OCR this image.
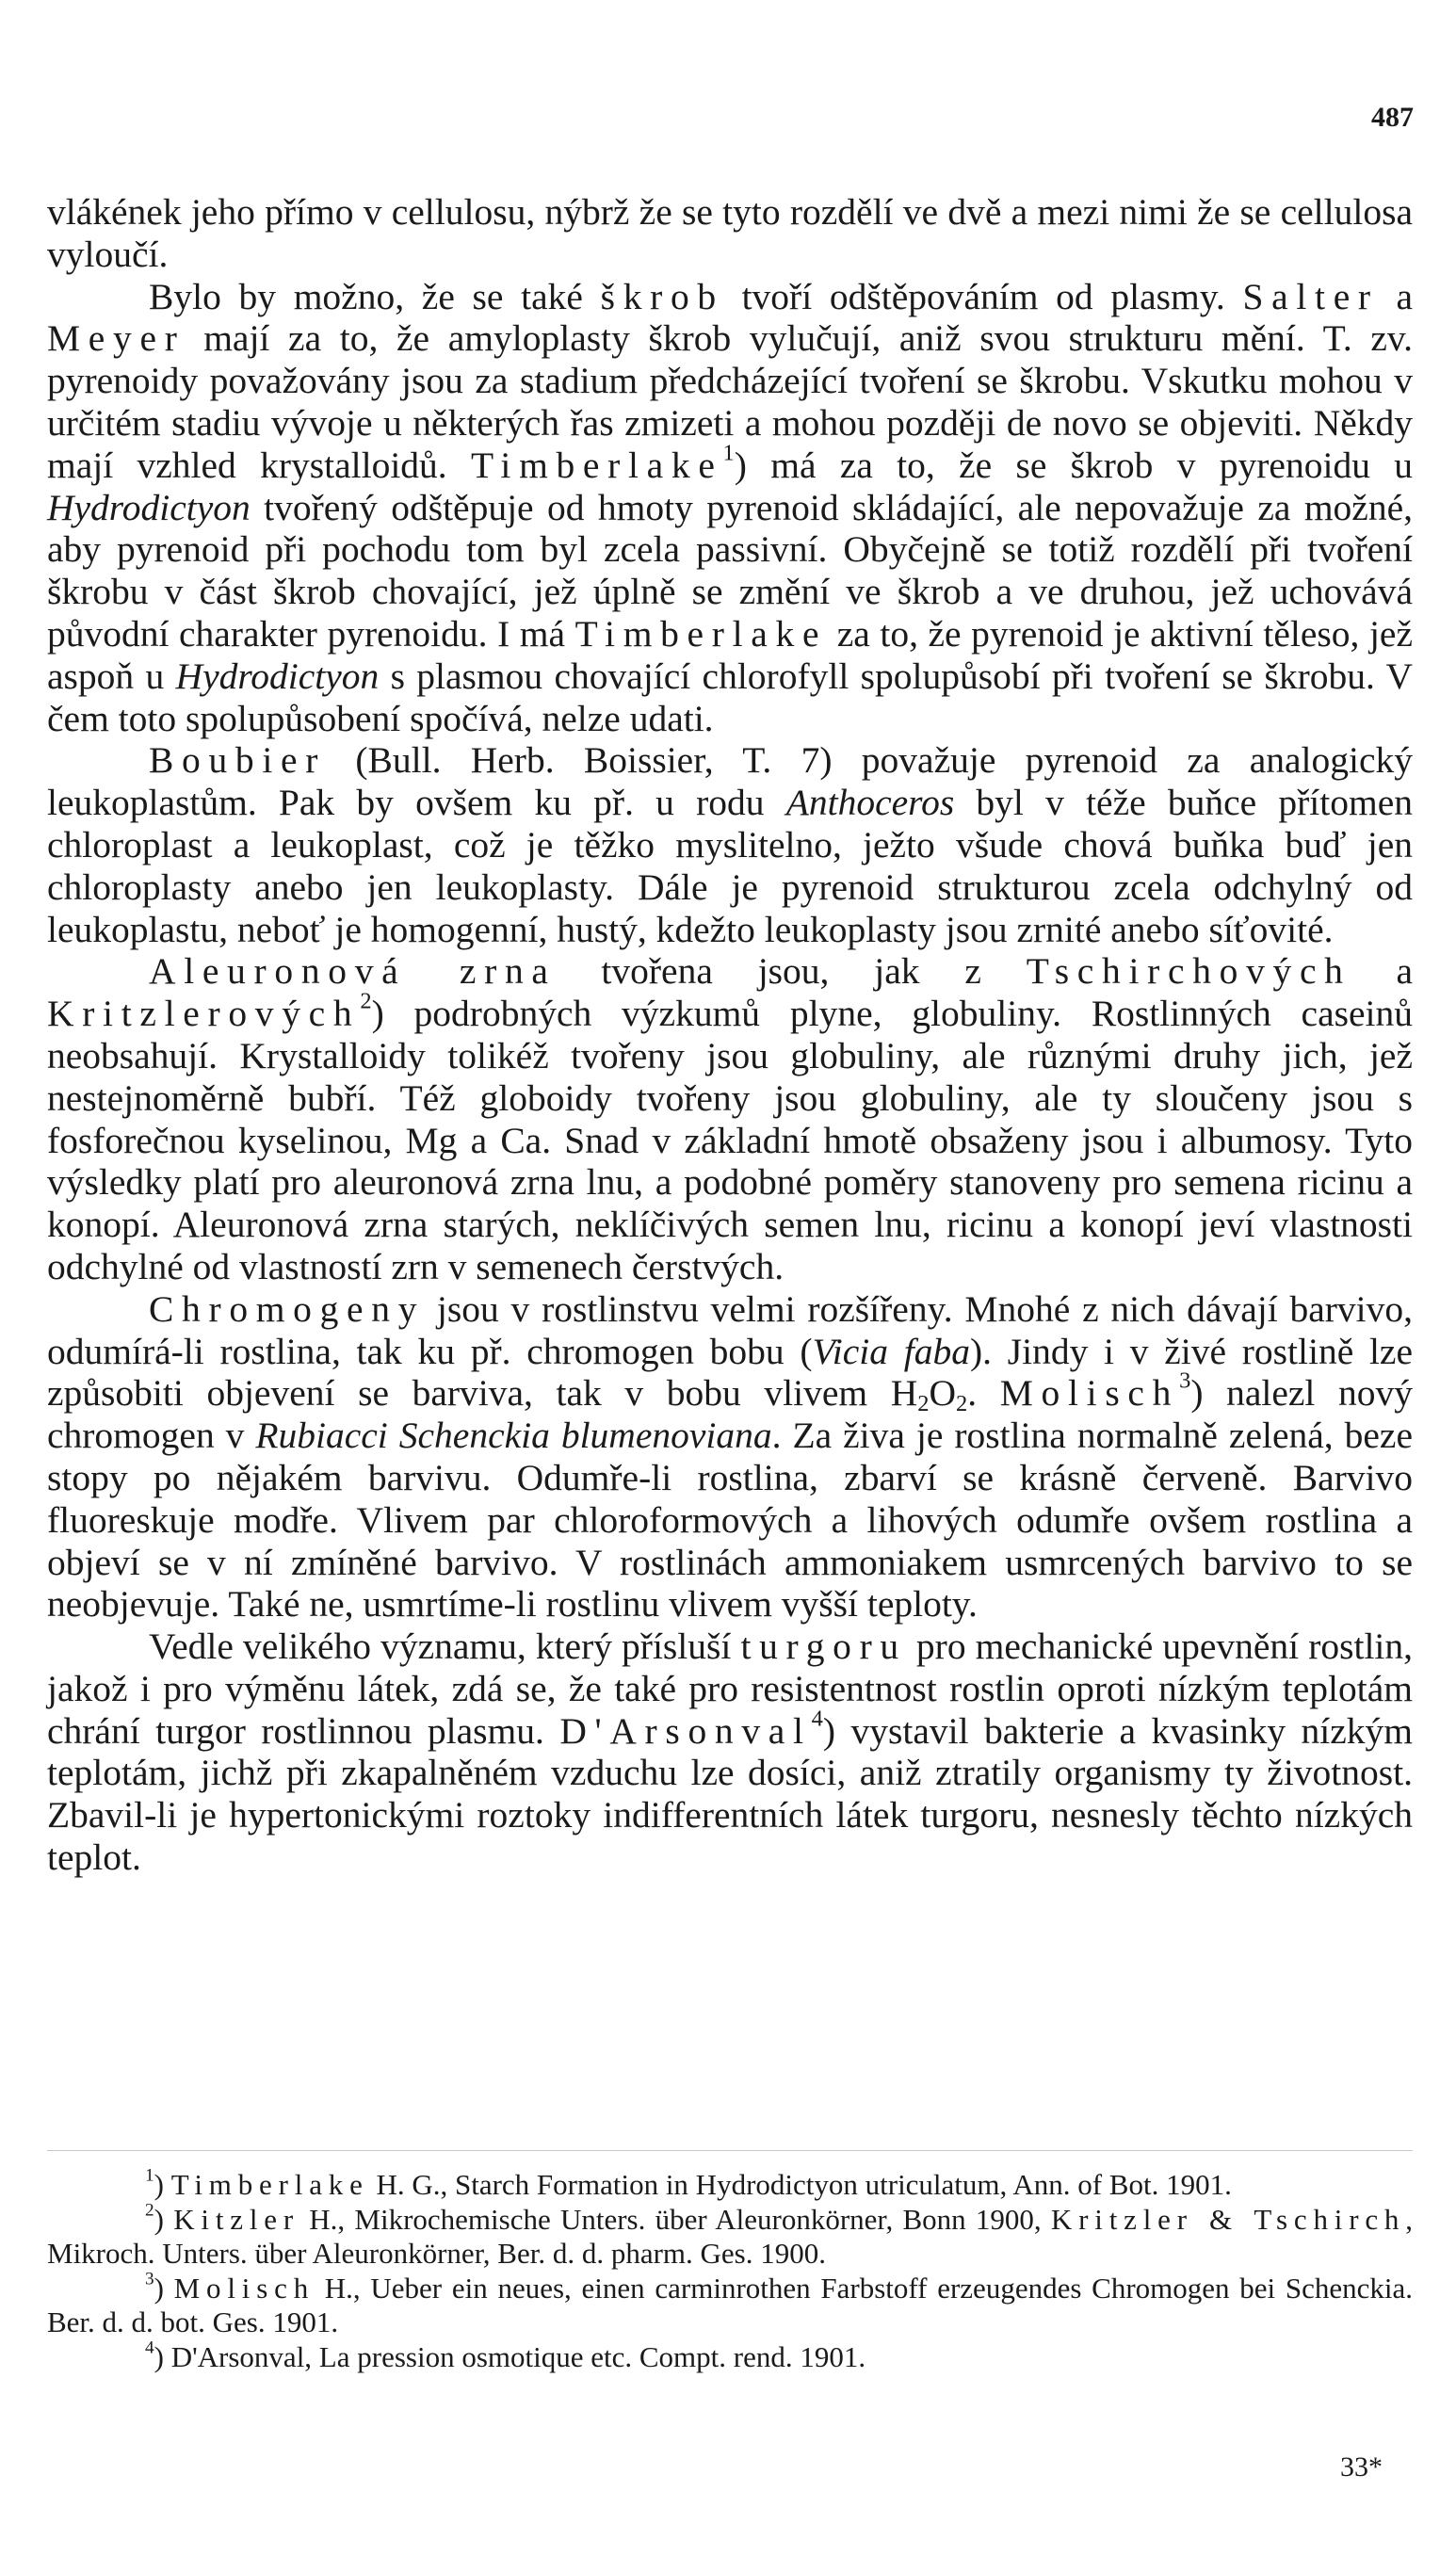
487

vlákének jeho přímo v cellulosu, nýbrž že se tyto rozdělí ve dvě a mezi nimi že se cellulosa vyloučí.

Bylo by možno, že se také škrob tvoří odštěpováním od plasmy. Salter a Meyer mají za to, že amyloplasty škrob vylučují, aniž svou strukturu mění. T. zv. pyrenoidy považovány jsou za stadium předcházející tvoření se škrobu. Vskutku mohou v určitém stadiu vývoje u některých řas zmizeti a mohou později de novo se objeviti. Někdy mají vzhled krystalloidů. Timberlake$^1$) má za to, že se škrob v pyrenoidu u Hydrodictyon tvořený odštěpuje od hmoty pyrenoid skládající, ale nepovažuje za možné, aby pyrenoid při pochodu tom byl zcela passivní. Obyčejně se totiž rozdělí při tvoření škrobu v část škrob chovající, jež úplně se změní ve škrob a ve druhou, jež uchovává původní charakter pyrenoidu. I má Timberlake za to, že pyrenoid je aktivní těleso, jež aspoň u Hydrodictyon s plasmou chovající chlorofyll spolupůsobí při tvoření se škrobu. V čem toto spolupůsobení spočívá, nelze udati.

Boubier (Bull. Herb. Boissier, T. 7) považuje pyrenoid za analogický leukoplastům. Pak by ovšem ku př. u rodu Anthoceros byl v téže buňce přítomen chloroplast a leukoplast, což je těžko myslitelno, ježto všude chová buňka buď jen chloroplasty anebo jen leukoplasty. Dále je pyrenoid strukturou zcela odchylný od leukoplastu, neboť je homogenní, hustý, kdežto leukoplasty jsou zrnité anebo síťovité.

Aleuronová zrna tvořena jsou, jak z Tschirchových a Kritzlerových$^2$) podrobných výzkumů plyne, globuliny. Rostlinných caseinů neobsahují. Krystalloidy tolikéž tvořeny jsou globuliny, ale různými druhy jich, jež nestejnoměrně bubří. Též globoidy tvořeny jsou globuliny, ale ty sloučeny jsou s fosforečnou kyselinou, Mg a Ca. Snad v základní hmotě obsaženy jsou i albumosy. Tyto výsledky platí pro aleuronová zrna lnu, a podobné poměry stanoveny pro semena ricinu a konopí. Aleuronová zrna starých, neklíčivých semen lnu, ricinu a konopí jeví vlastnosti odchylné od vlastností zrn v semenech čerstvých.

Chromogeny jsou v rostlinstvu velmi rozšířeny. Mnohé z nich dávají barvivo, odumírá-li rostlina, tak ku př. chromogen bobu (Vicia faba). Jindy i v živé rostlině lze způsobiti objevení se barviva, tak v bobu vlivem $H_2O_2$. Molisch$^3$) nalezl nový chromogen v Rubiacci Schenckia blumenoviana. Za živa je rostlina normalně zelená, beze stopy po nějakém barvivu. Odumře-li rostlina, zbarví se krásně červeně. Barvivo fluoreskuje modře. Vlivem par chloroformových a lihových odumře ovšem rostlina a objeví se v ní zmíněné barvivo. V rostlinách ammoniakem usmrcených barvivo to se neobjevuje. Také ne, usmrtíme-li rostlinu vlivem vyšší teploty.

Vedle velikého významu, který přísluší turgoru pro mechanické upevnění rostlin, jakož i pro výměnu látek, zdá se, že také pro resistentnost rostlin oproti nízkým teplotám chrání turgor rostlinnou plasmu. D'Arsonval$^4$) vystavil bakterie a kvasinky nízkým teplotám, jichž při zkapalněném vzduchu lze dosíci, aniž ztratily organismy ty životnost. Zbavil-li je hypertonickými roztoky indifferentních látek turgoru, nesnesly těchto nízkých teplot.

$^1$) Timberlake H. G., Starch Formation in Hydrodictyon utriculatum, Ann. of Bot. 1901.

$^2$) Kitzler H., Mikrochemische Unters. über Aleuronkörner, Bonn 1900, Kritzler & Tschirch, Mikroch. Unters. über Aleuronkörner, Ber. d. d. pharm. Ges. 1900.

$^3$) Molisch H., Ueber ein neues, einen carminrothen Farbstoff erzeugendes Chromogen bei Schenckia. Ber. d. d. bot. Ges. 1901.

$^4$) D'Arsonval, La pression osmotique etc. Compt. rend. 1901.

33*
